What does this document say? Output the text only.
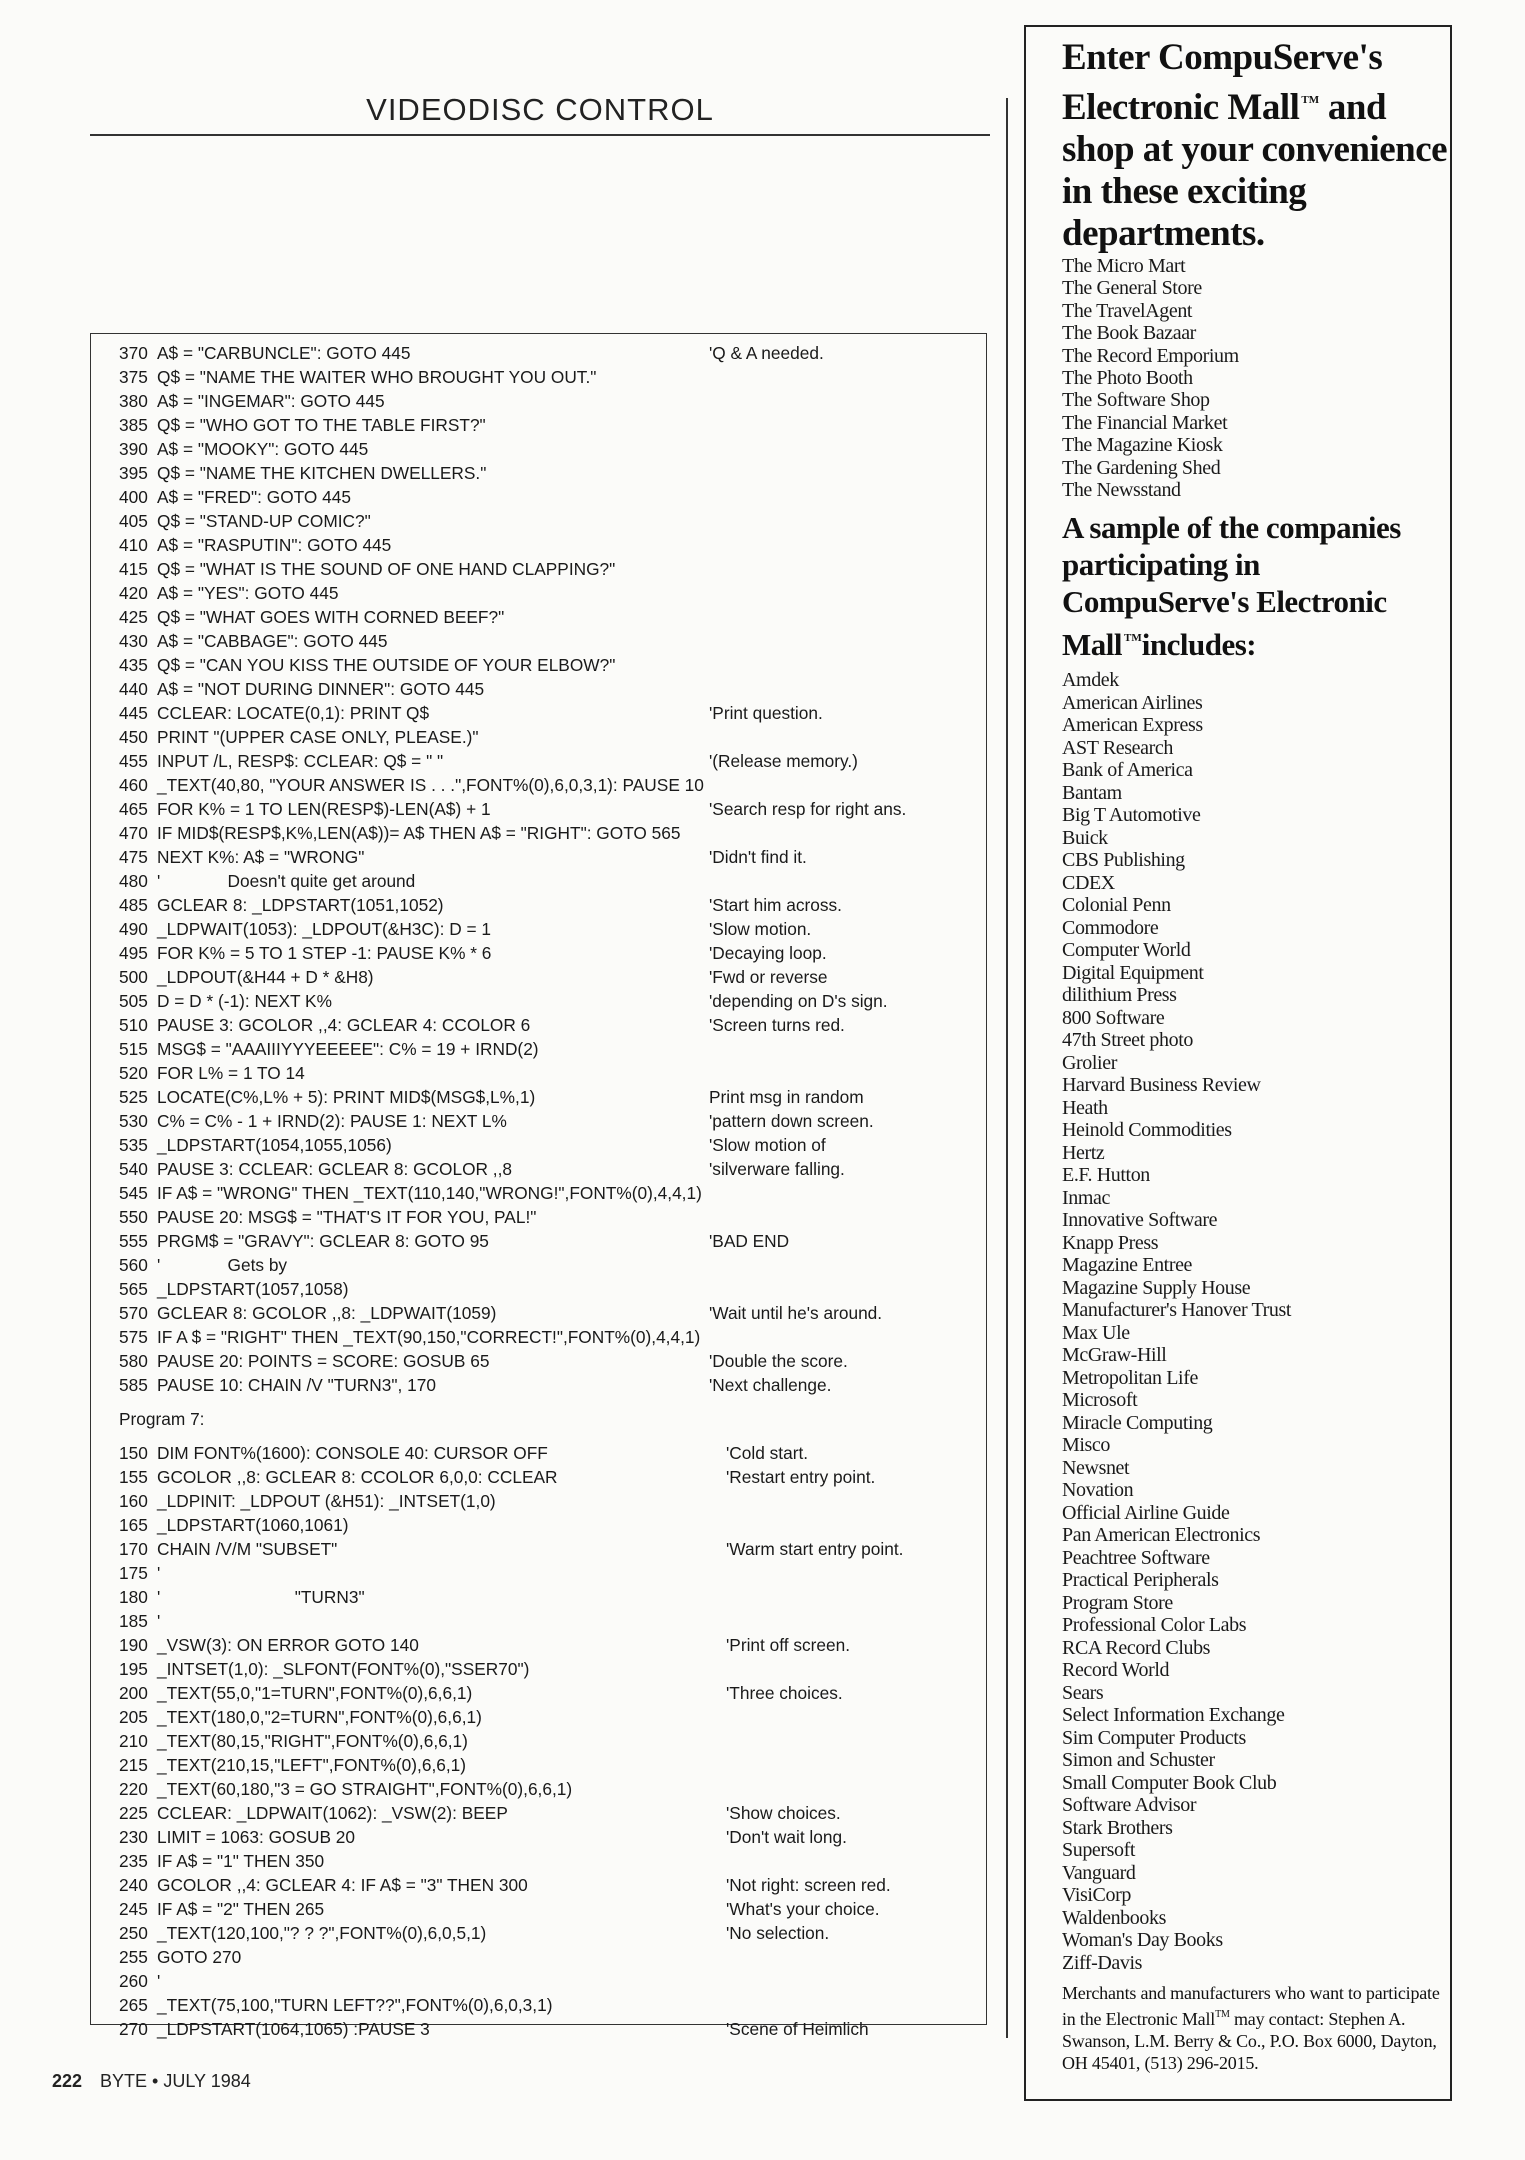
VIDEODISC CONTROL
370 A$ = "CARBUNCLE": GOTO 445	'Q & A needed.
375 Q$ = "NAME THE WAITER WHO BROUGHT YOU OUT."
380 A$ = "INGEMAR": GOTO 445
385 Q$ = "WHO GOT TO THE TABLE FIRST?"
390 A$ = "MOOKY": GOTO 445
395 Q$ = "NAME THE KITCHEN DWELLERS."
400 A$ = "FRED": GOTO 445
405 Q$ = "STAND-UP COMIC?"
410 A$ = "RASPUTIN": GOTO 445
415 Q$ = "WHAT IS THE SOUND OF ONE HAND CLAPPING?"
420 A$ = "YES": GOTO 445
425 Q$ = "WHAT GOES WITH CORNED BEEF?"
430 A$ = "CABBAGE": GOTO 445
435 Q$ = "CAN YOU KISS THE OUTSIDE OF YOUR ELBOW?"
440 A$ = "NOT DURING DINNER": GOTO 445
445 CCLEAR: LOCATE(0,1): PRINT Q$	'Print question.
450 PRINT "(UPPER CASE ONLY, PLEASE.)"
455 INPUT /L, RESP$: CCLEAR: Q$ = " "	'(Release memory.)
460 _TEXT(40,80, "YOUR ANSWER IS . . .",FONT%(0),6,0,3,1): PAUSE 10
465 FOR K% = 1 TO LEN(RESP$)-LEN(A$) + 1	'Search resp for right ans.
470 IF MID$(RESP$,K%,LEN(A$))= A$ THEN A$ = "RIGHT": GOTO 565
475 NEXT K%: A$ = "WRONG"	'Didn't find it.
480 '              Doesn't quite get around
485 GCLEAR 8: _LDPSTART(1051,1052)	'Start him across.
490 _LDPWAIT(1053): _LDPOUT(&H3C): D = 1	'Slow motion.
495 FOR K% = 5 TO 1 STEP -1: PAUSE K% * 6	'Decaying loop.
500 _LDPOUT(&H44 + D * &H8)	'Fwd or reverse
505 D = D * (-1): NEXT K%	'depending on D's sign.
510 PAUSE 3: GCOLOR ,,4: GCLEAR 4: CCOLOR 6	'Screen turns red.
515 MSG$ = "AAAIIIYYYEEEEE": C% = 19 + IRND(2)
520 FOR L% = 1 TO 14
525 LOCATE(C%,L% + 5): PRINT MID$(MSG$,L%,1)	Print msg in random
530 C% = C% - 1 + IRND(2): PAUSE 1: NEXT L%	'pattern down screen.
535 _LDPSTART(1054,1055,1056)	'Slow motion of
540 PAUSE 3: CCLEAR: GCLEAR 8: GCOLOR ,,8	'silverware falling.
545 IF A$ = "WRONG" THEN _TEXT(110,140,"WRONG!",FONT%(0),4,4,1)
550 PAUSE 20: MSG$ = "THAT'S IT FOR YOU, PAL!"
555 PRGM$ = "GRAVY": GCLEAR 8: GOTO 95	'BAD END
560 '              Gets by
565 _LDPSTART(1057,1058)
570 GCLEAR 8: GCOLOR ,,8: _LDPWAIT(1059)	'Wait until he's around.
575 IF A $ = "RIGHT" THEN _TEXT(90,150,"CORRECT!",FONT%(0),4,4,1)
580 PAUSE 20: POINTS = SCORE: GOSUB 65	'Double the score.
585 PAUSE 10: CHAIN /V "TURN3", 170	'Next challenge.
Program 7:
150 DIM FONT%(1600): CONSOLE 40: CURSOR OFF	'Cold start.
155 GCOLOR ,,8: GCLEAR 8: CCOLOR 6,0,0: CCLEAR	'Restart entry point.
160 _LDPINIT: _LDPOUT (&H51): _INTSET(1,0)
165 _LDPSTART(1060,1061)
170 CHAIN /V/M "SUBSET"	'Warm start entry point.
175 '
180 '                            "TURN3"
185 '
190 _VSW(3): ON ERROR GOTO 140	'Print off screen.
195 _INTSET(1,0): _SLFONT(FONT%(0),"SSER70")
200 _TEXT(55,0,"1=TURN",FONT%(0),6,6,1)	'Three choices.
205 _TEXT(180,0,"2=TURN",FONT%(0),6,6,1)
210 _TEXT(80,15,"RIGHT",FONT%(0),6,6,1)
215 _TEXT(210,15,"LEFT",FONT%(0),6,6,1)
220 _TEXT(60,180,"3 = GO STRAIGHT",FONT%(0),6,6,1)
225 CCLEAR: _LDPWAIT(1062): _VSW(2): BEEP	'Show choices.
230 LIMIT = 1063: GOSUB 20	'Don't wait long.
235 IF A$ = "1" THEN 350
240 GCOLOR ,,4: GCLEAR 4: IF A$ = "3" THEN 300	'Not right: screen red.
245 IF A$ = "2" THEN 265	'What's your choice.
250 _TEXT(120,100,"? ? ?",FONT%(0),6,0,5,1)	'No selection.
255 GOTO 270
260 '
265 _TEXT(75,100,"TURN LEFT??",FONT%(0),6,0,3,1)
270 _LDPSTART(1064,1065) :PAUSE 3	'Scene of Heimlich
222 BYTE • JULY 1984

Enter CompuServe's Electronic Mall ™ and shop at your convenience in these exciting departments.

The Micro Mart
The General Store
The TravelAgent
The Book Bazaar
The Record Emporium
The Photo Booth
The Software Shop
The Financial Market
The Magazine Kiosk
The Gardening Shed
The Newsstand

A sample of the companies participating in CompuServe's Electronic Mall ™includes:

Amdek
American Airlines
American Express
AST Research
Bank of America
Bantam
Big T Automotive
Buick
CBS Publishing
CDEX
Colonial Penn
Commodore
Computer World
Digital Equipment
dilithium Press
800 Software
47th Street photo
Grolier
Harvard Business Review
Heath
Heinold Commodities
Hertz
E.F. Hutton
Inmac
Innovative Software
Knapp Press
Magazine Entree
Magazine Supply House
Manufacturer's Hanover Trust
Max Ule
McGraw-Hill
Metropolitan Life
Microsoft
Miracle Computing
Misco
Newsnet
Novation
Official Airline Guide
Pan American Electronics
Peachtree Software
Practical Peripherals
Program Store
Professional Color Labs
RCA Record Clubs
Record World
Sears
Select Information Exchange
Sim Computer Products
Simon and Schuster
Small Computer Book Club
Software Advisor
Stark Brothers
Supersoft
Vanguard
VisiCorp
Waldenbooks
Woman's Day Books
Ziff-Davis

Merchants and manufacturers who want to participate in the Electronic Mall™ may contact: Stephen A. Swanson, L.M. Berry & Co., P.O. Box 6000, Dayton, OH 45401, (513) 296-2015.
